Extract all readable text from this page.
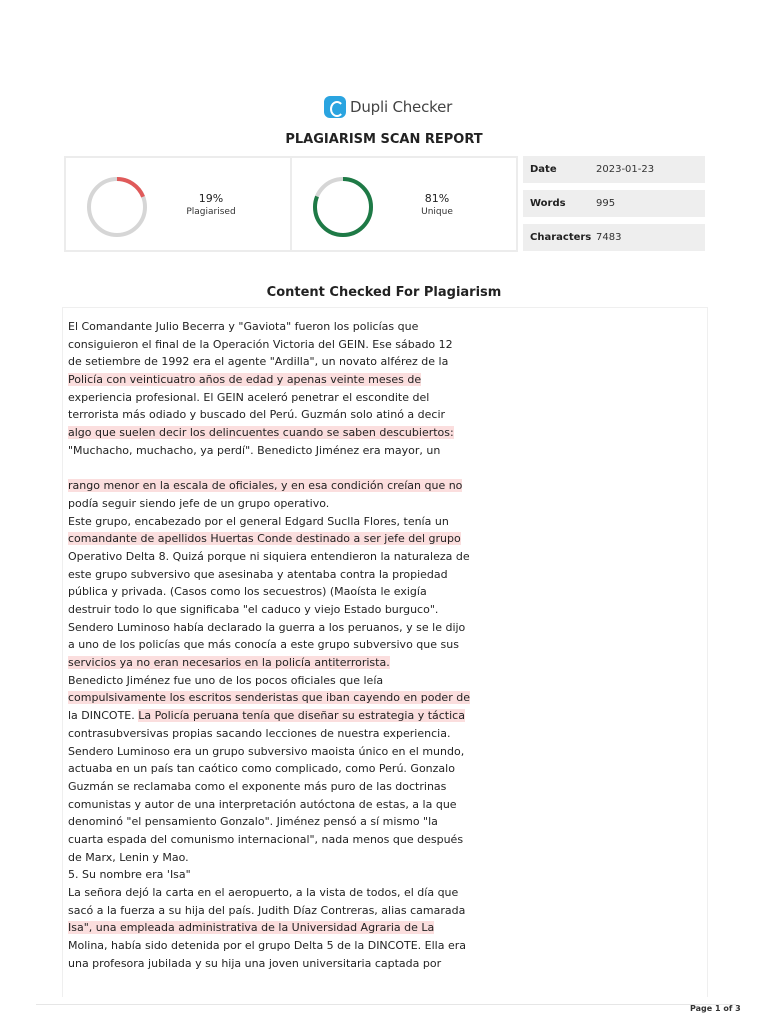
Dupli Checker
PLAGIARISM SCAN REPORT
19%
Plagiarised
81%
Unique
Date	2023-01-23
Words	995
Characters 7483
Content Checked For Plagiarism
El Comandante Julio Becerra y "Gaviota" fueron los policías que
consiguieron el final de la Operación Victoria del GEIN. Ese sábado 12
de setiembre de 1992 era el agente "Ardilla", un novato alférez de la
Policía con veinticuatro años de edad y apenas veinte meses de
experiencia profesional. El GEIN aceleró penetrar el escondite del
terrorista más odiado y buscado del Perú. Guzmán solo atinó a decir
algo que suelen decir los delincuentes cuando se saben descubiertos:
"Muchacho, muchacho, ya perdí". Benedicto Jiménez era mayor, un
rango menor en la escala de oficiales, y en esa condición creían que no
podía seguir siendo jefe de un grupo operativo.
Este grupo, encabezado por el general Edgard Suclla Flores, tenía un
comandante de apellidos Huertas Conde destinado a ser jefe del grupo
Operativo Delta 8. Quizá porque ni siquiera entendieron la naturaleza de
este grupo subversivo que asesinaba y atentaba contra la propiedad
pública y privada. (Casos como los secuestros) (Maoísta le exigía
destruir todo lo que significaba "el caduco y viejo Estado burguco".
Sendero Luminoso había declarado la guerra a los peruanos, y se le dijo
a uno de los policías que más conocía a este grupo subversivo que sus
servicios ya no eran necesarios en la policía antiterrorista.
Benedicto Jiménez fue uno de los pocos oficiales que leía
compulsivamente los escritos senderistas que iban cayendo en poder de
la DINCOTE. La Policía peruana tenía que diseñar su estrategia y táctica
contrasubversivas propias sacando lecciones de nuestra experiencia.
Sendero Luminoso era un grupo subversivo maoista único en el mundo,
actuaba en un país tan caótico como complicado, como Perú. Gonzalo
Guzmán se reclamaba como el exponente más puro de las doctrinas
comunistas y autor de una interpretación autóctona de estas, a la que
denominó "el pensamiento Gonzalo". Jiménez pensó a sí mismo "la
cuarta espada del comunismo internacional", nada menos que después
de Marx, Lenin y Mao.
5. Su nombre era 'Isa"
La señora dejó la carta en el aeropuerto, a la vista de todos, el día que
sacó a la fuerza a su hija del país. Judith Díaz Contreras, alias camarada
Isa", una empleada administrativa de la Universidad Agraria de La
Molina, había sido detenida por el grupo Delta 5 de la DINCOTE. Ella era
una profesora jubilada y su hija una joven universitaria captada por
Page 1 of 3
